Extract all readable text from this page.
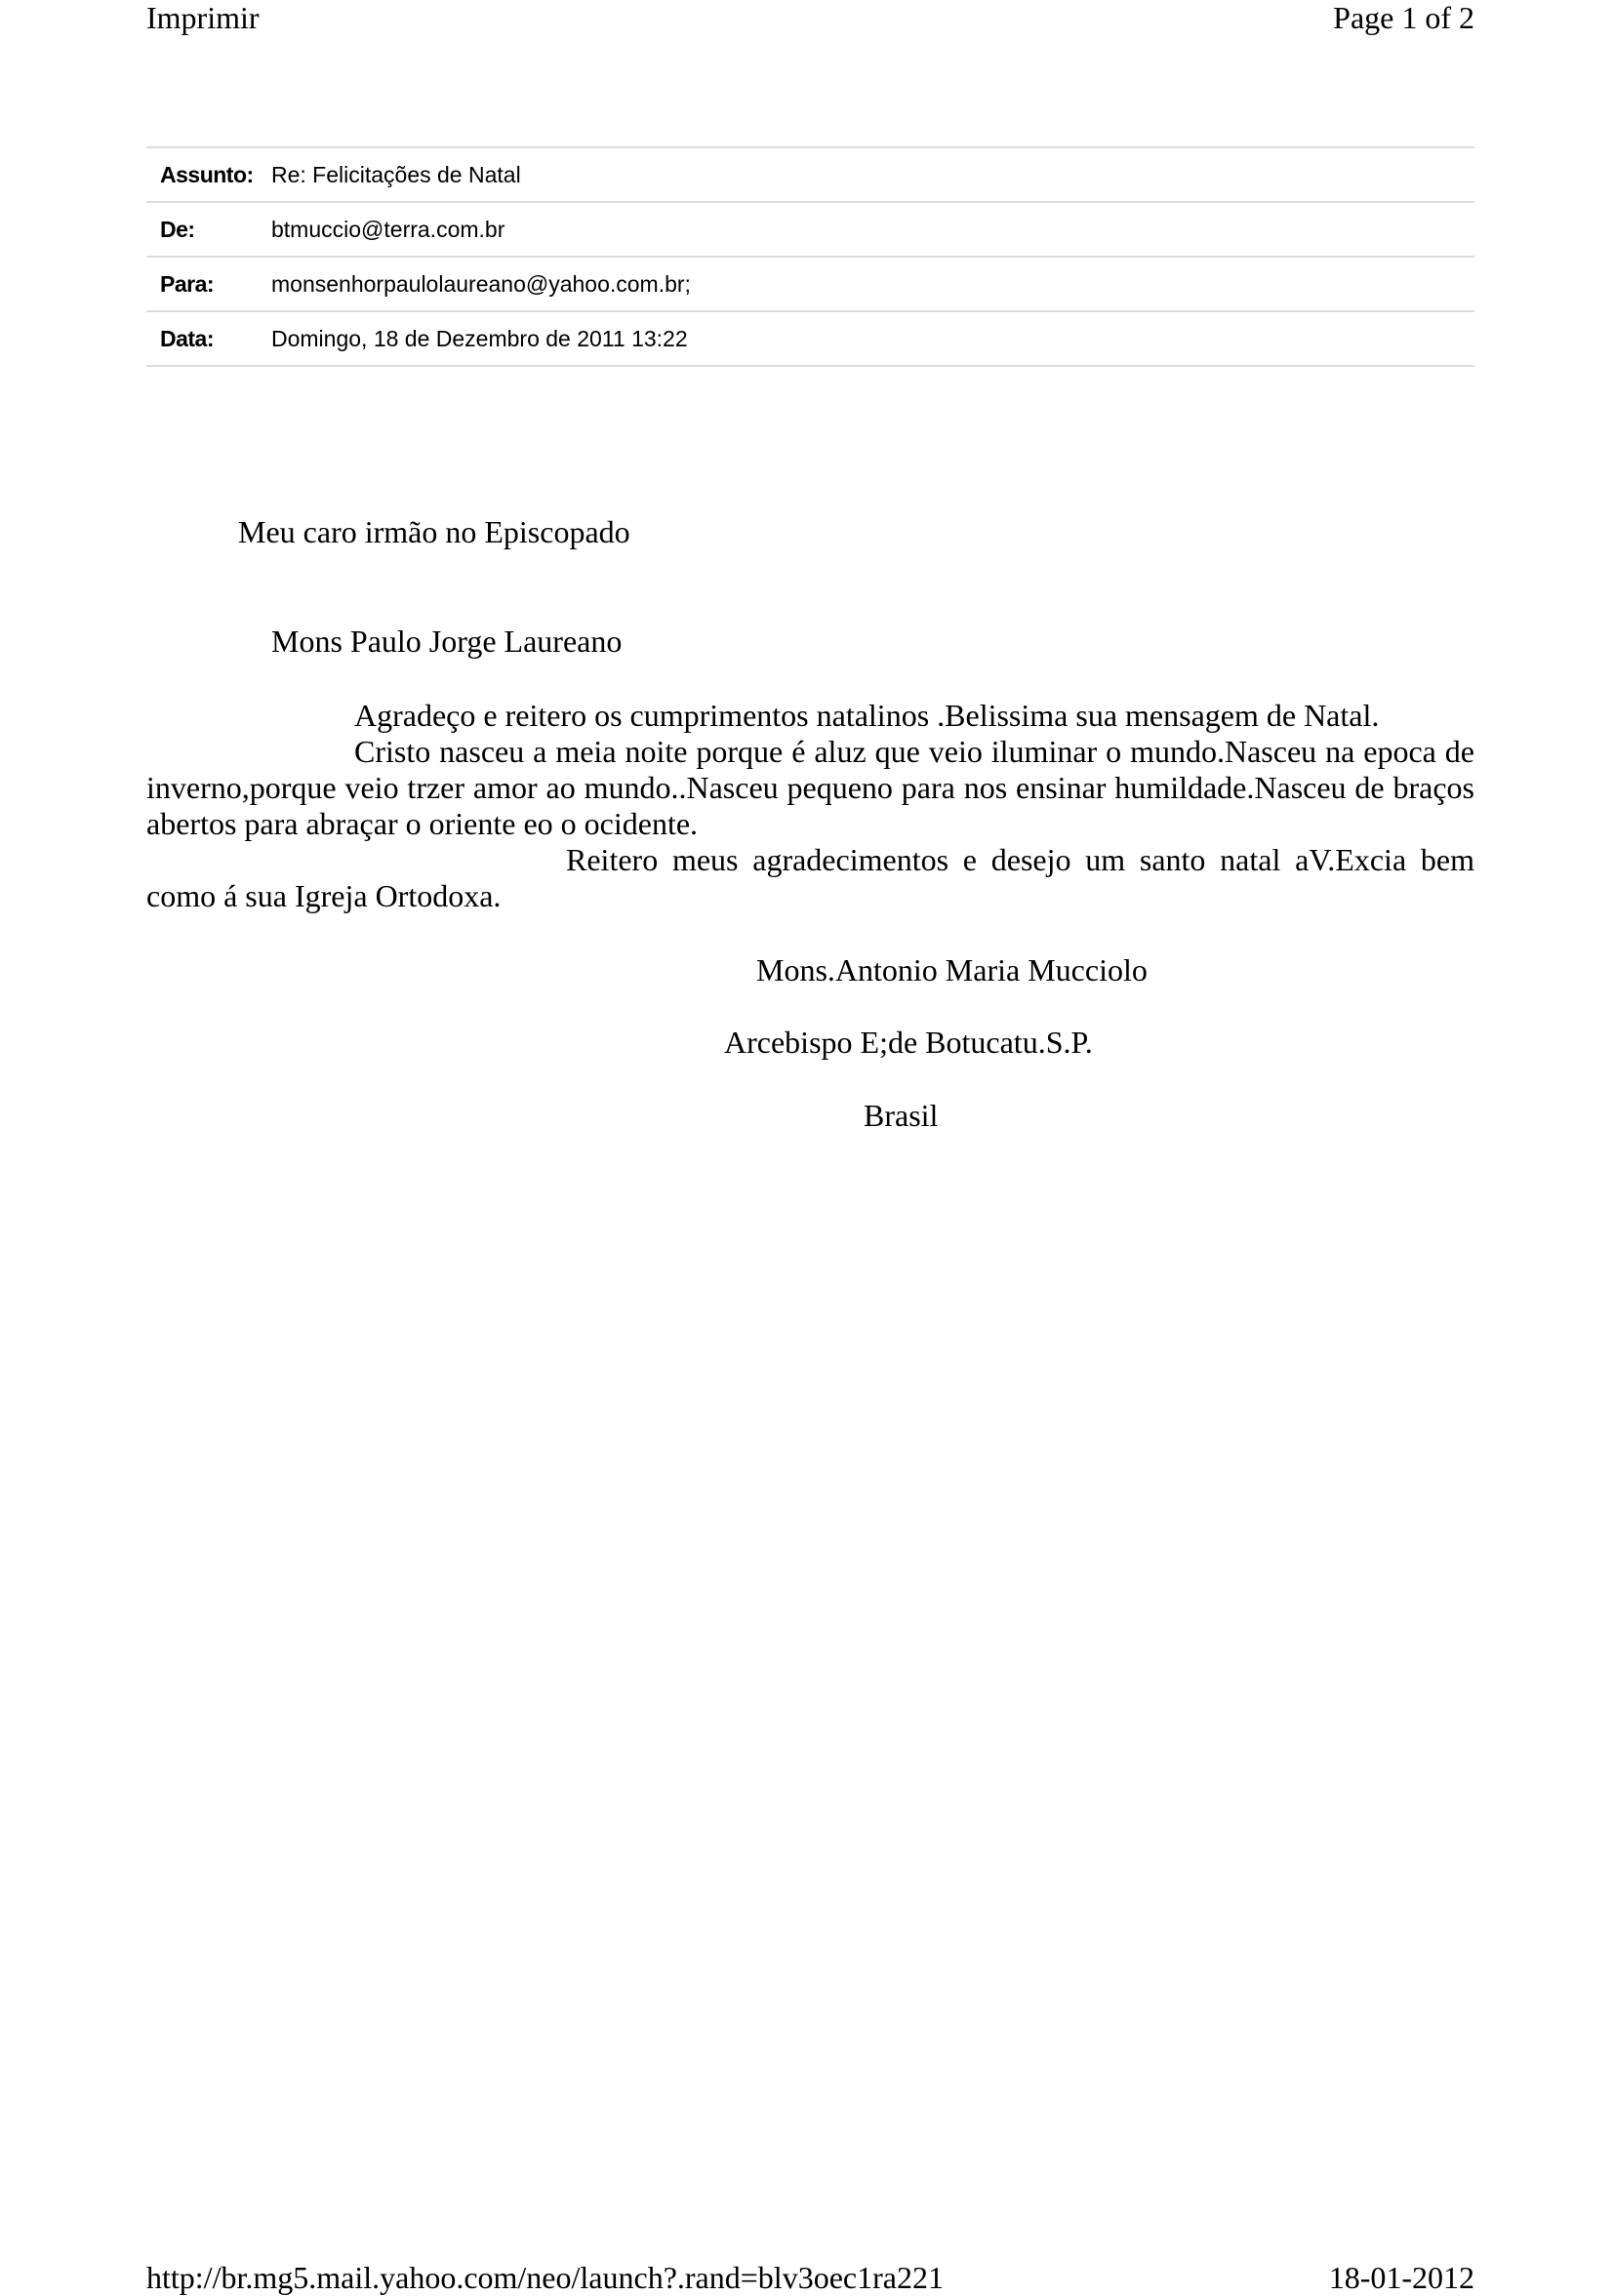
Imprimir	Page 1 of 2
Assunto: Re: Felicitações de Natal
De:	btmuccio@terra.com.br
Para:	monsenhorpaulolaureano@yahoo.com.br;
Data:	Domingo, 18 de Dezembro de 2011 13:22
Meu caro irmão no Episcopado
Mons Paulo Jorge Laureano

Agradeço e reitero os cumprimentos natalinos .Belissima sua mensagem de Natal.

Cristo nasceu a meia noite porque é aluz que veio iluminar o mundo.Nasceu na epoca de inverno,porque veio trzer amor ao mundo..Nasceu pequeno para nos ensinar humildade.Nasceu de braços abertos para abraçar o oriente eo o ocidente.

Reitero meus agradecimentos e desejo um santo natal aV.Excia bem como á sua Igreja Ortodoxa.

Mons.Antonio Maria Mucciolo
Arcebispo E;de Botucatu.S.P.
Brasil
http://br.mg5.mail.yahoo.com/neo/launch?.rand=blv3oec1ra221	18-01-2012
